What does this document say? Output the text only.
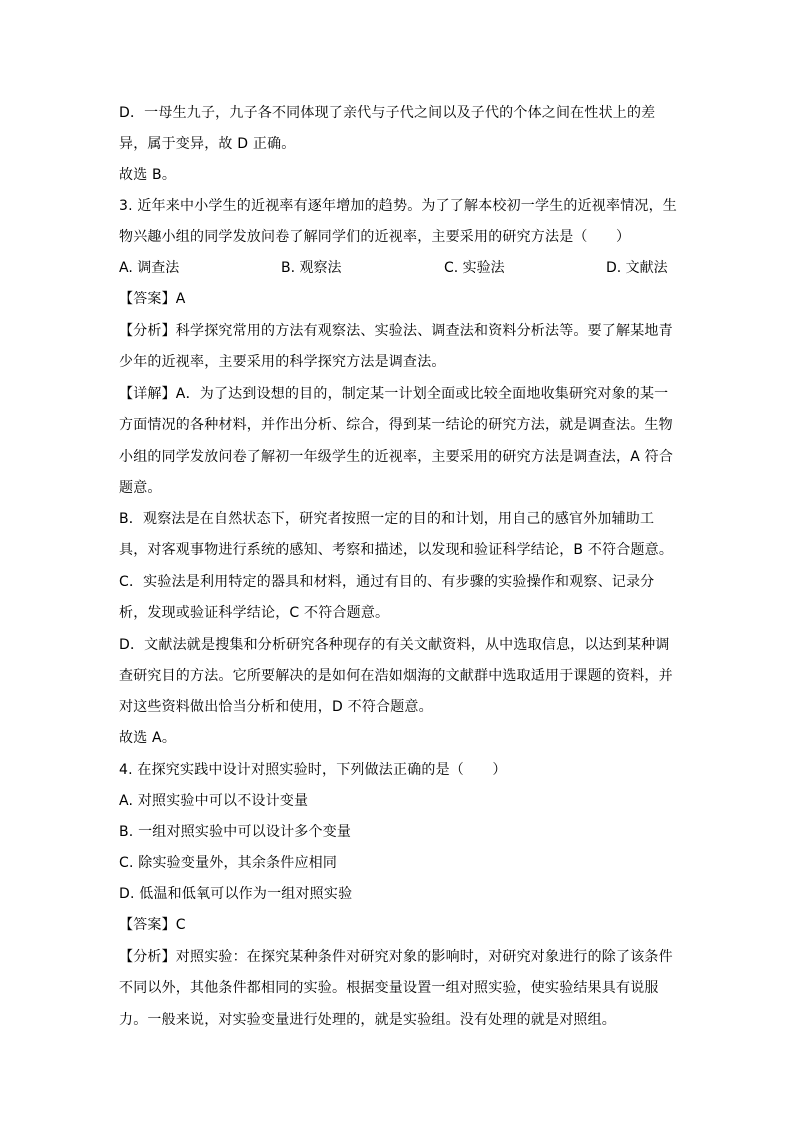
D．一母生九子，九子各不同体现了亲代与子代之间以及子代的个体之间在性状上的差
异，属于变异，故 D 正确。
故选 B。
3. 近年来中小学生的近视率有逐年增加的趋势。为了了解本校初一学生的近视率情况，生
物兴趣小组的同学发放问卷了解同学们的近视率，主要采用的研究方法是（　　）
A. 调查法	B. 观察法	C. 实验法	D. 文献法
【答案】A
【分析】科学探究常用的方法有观察法、实验法、调查法和资料分析法等。要了解某地青
少年的近视率，主要采用的科学探究方法是调查法。
【详解】A．为了达到设想的目的，制定某一计划全面或比较全面地收集研究对象的某一
方面情况的各种材料，并作出分析、综合，得到某一结论的研究方法，就是调查法。生物
小组的同学发放问卷了解初一年级学生的近视率，主要采用的研究方法是调查法，A 符合
题意。
B．观察法是在自然状态下，研究者按照一定的目的和计划，用自己的感官外加辅助工
具，对客观事物进行系统的感知、考察和描述，以发现和验证科学结论，B 不符合题意。
C．实验法是利用特定的器具和材料，通过有目的、有步骤的实验操作和观察、记录分
析，发现或验证科学结论，C 不符合题意。
D．文献法就是搜集和分析研究各种现存的有关文献资料，从中选取信息，以达到某种调
查研究目的方法。它所要解决的是如何在浩如烟海的文献群中选取适用于课题的资料，并
对这些资料做出恰当分析和使用，D 不符合题意。
故选 A。
4. 在探究实践中设计对照实验时，下列做法正确的是（　　）
A. 对照实验中可以不设计变量
B. 一组对照实验中可以设计多个变量
C. 除实验变量外，其余条件应相同
D. 低温和低氧可以作为一组对照实验
【答案】C
【分析】对照实验：在探究某种条件对研究对象的影响时，对研究对象进行的除了该条件
不同以外，其他条件都相同的实验。根据变量设置一组对照实验，使实验结果具有说服
力。一般来说，对实验变量进行处理的，就是实验组。没有处理的就是对照组。
